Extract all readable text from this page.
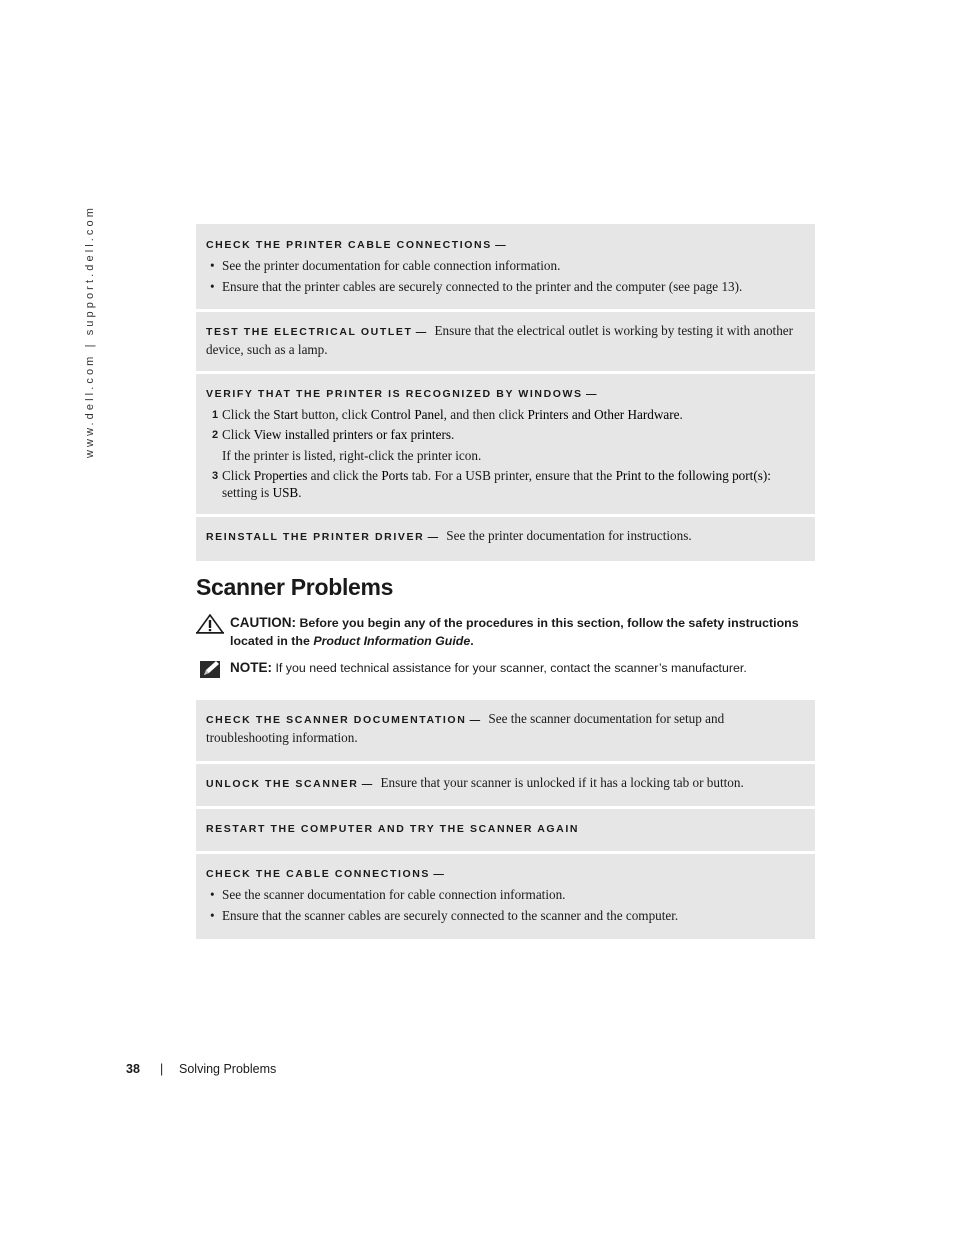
www.dell.com | support.dell.com	CHECK THE PRINTER CABLE CONNECTIONS —
• See the printer documentation for cable connection information.
• Ensure that the printer cables are securely connected to the printer and the computer (see page 13).
TEST THE ELECTRICAL OUTLET — Ensure that the electrical outlet is working by testing it with another device, such as a lamp.
VERIFY THAT THE PRINTER IS RECOGNIZED BY WINDOWS —
1 Click the Start button, click Control Panel, and then click Printers and Other Hardware.
2 Click View installed printers or fax printers.
If the printer is listed, right-click the printer icon.
3 Click Properties and click the Ports tab. For a USB printer, ensure that the Print to the following port(s): setting is USB.
REINSTALL THE PRINTER DRIVER — See the printer documentation for instructions.
Scanner Problems
CAUTION: Before you begin any of the procedures in this section, follow the safety instructions located in the Product Information Guide.
NOTE: If you need technical assistance for your scanner, contact the scanner’s manufacturer.
CHECK THE SCANNER DOCUMENTATION — See the scanner documentation for setup and troubleshooting information.
UNLOCK THE SCANNER — Ensure that your scanner is unlocked if it has a locking tab or button.
RESTART THE COMPUTER AND TRY THE SCANNER AGAIN
CHECK THE CABLE CONNECTIONS —
• See the scanner documentation for cable connection information.
• Ensure that the scanner cables are securely connected to the scanner and the computer.
38 | Solving Problems
